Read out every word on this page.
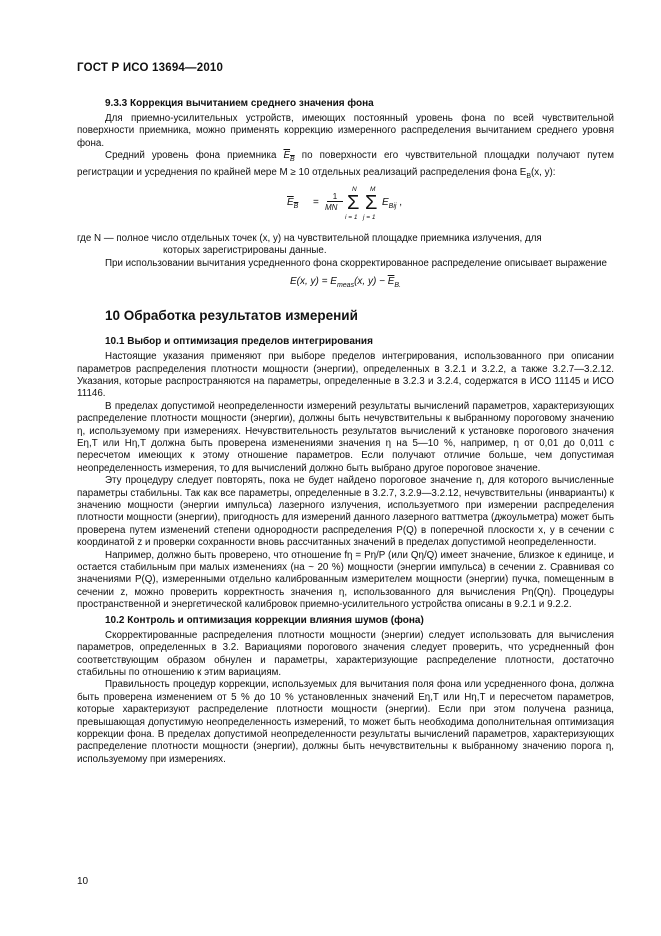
ГОСТ Р ИСО 13694—2010
9.3.3 Коррекция вычитанием среднего значения фона

Для приемно-усилительных устройств, имеющих постоянный уровень фона по всей чувствительной поверхности приемника, можно применять коррекцию измеренного распределения вычитанием среднего уровня фона.

Средний уровень фона приемника $E_B$ по поверхности его чувствительной площадки получают путем регистрации и усреднения по крайней мере M ≥ 10 отдельных реализаций распределения фона $E_B(x$, y):

$E_B$ =
1
MN
N
Σ
i = 1
M
Σ
j = 1
$E_{Bij}$ ,

где N — полное число отдельных точек (x, y) на чувствительной площадке приемника излучения, для

которых зарегистрированы данные.

При использовании вычитания усредненного фона скорректированное распределение описывает выражение

E(x, $y) = E_{meas}(x$, $y) - \overline{E}_{B.}$
10 Обработка результатов измерений
10.1 Выбор и оптимизация пределов интегрирования

Настоящие указания применяют при выборе пределов интегрирования, использованного при описании параметров распределения плотности мощности (энергии), определенных в 3.2.1 и 3.2.2, а также 3.2.7—3.2.12. Указания, которые распространяются на параметры, определенные в 3.2.3 и 3.2.4, содержатся в ИСО 11145 и ИСО 11146.

В пределах допустимой неопределенности измерений результаты вычислений параметров, характеризующих распределение плотности мощности (энергии), должны быть нечувствительны к выбранному пороговому значению η, используемому при измерениях. Нечувствительность результатов вычислений к установке порогового значения Eη,T или Hη,T должна быть проверена изменениями значения η на 5—10 %, например, η от 0,01 до 0,011 с пересчетом имеющих к этому отношение параметров. Если получают отличие больше, чем допустимая неопределенность измерения, то для вычислений должно быть выбрано другое пороговое значение.

Эту процедуру следует повторять, пока не будет найдено пороговое значение η, для которого вычисленные параметры стабильны. Так как все параметры, определенные в 3.2.7, 3.2.9—3.2.12, нечувствительны (инварианты) к значению мощности (энергии импульса) лазерного излучения, используетмого при измерении распределения плотности мощности (энергии), пригодность для измерений данного лазерного ваттметра (джоульметра) может быть проверена путем изменений степени однородности распределения P(Q) в поперечной плоскости x, y в сечении с координатой z и проверки сохранности вновь рассчитанных значений в пределах допустимой неопределенности.

Например, должно быть проверено, что отношение fη = Pη/P (или Qη/Q) имеет значение, близкое к единице, и остается стабильным при малых изменениях (на ~ 20 %) мощности (энергии импульса) в сечении z. Сравнивая со значениями P(Q), измеренными отдельно калиброванным измерителем мощности (энергии) пучка, помещенным в сечении z, можно проверить корректность значения η, использованного для вычисления Pη(Qη). Процедуры пространственной и энергетической калибровок приемно-усилительного устройства описаны в 9.2.1 и 9.2.2.

10.2 Контроль и оптимизация коррекции влияния шумов (фона)

Скорректированные распределения плотности мощности (энергии) следует использовать для вычисления параметров, определенных в 3.2. Вариациями порогового значения следует проверить, что усредненный фон соответствующим образом обнулен и параметры, характеризующие распределение плотности, достаточно стабильны по отношению к этим вариациям.

Правильность процедур коррекции, используемых для вычитания поля фона или усредненного фона, должна быть проверена изменением от 5 % до 10 % установленных значений Eη,T или Hη,T и пересчетом параметров, которые характеризуют распределение плотности мощности (энергии). Если при этом получена разница, превышающая допустимую неопределенность измерений, то может быть необходима дополнительная оптимизация коррекции фона. В пределах допустимой неопределенности результаты вычислений параметров, характеризующих распределение плотности мощности (энергии), должны быть нечувствительны к выбранному значению порога η, используемому при измерениях.

10
